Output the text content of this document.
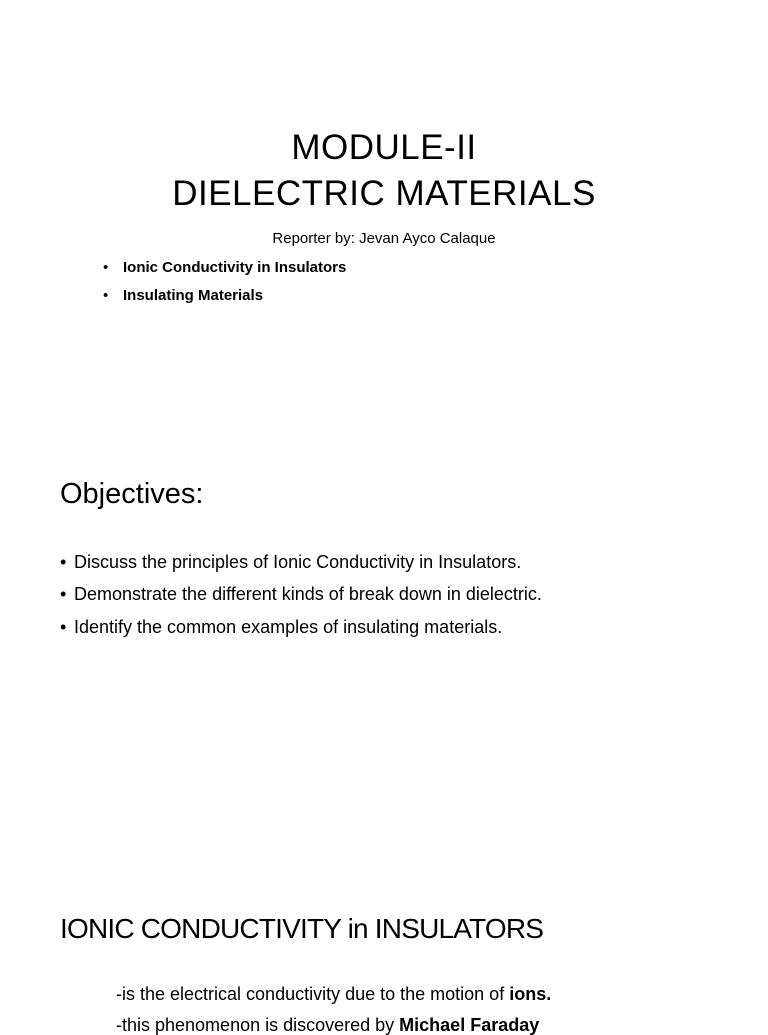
MODULE-II
DIELECTRIC MATERIALS
Reporter by: Jevan Ayco Calaque
• Ionic Conductivity in Insulators
• Insulating Materials
Objectives:
• Discuss the principles of Ionic Conductivity in Insulators.
• Demonstrate the different kinds of break down in dielectric.
• Identify the common examples of insulating materials.
IONIC CONDUCTIVITY in INSULATORS
-is the electrical conductivity due to the motion of ions.
-this phenomenon is discovered by Michael Faraday
